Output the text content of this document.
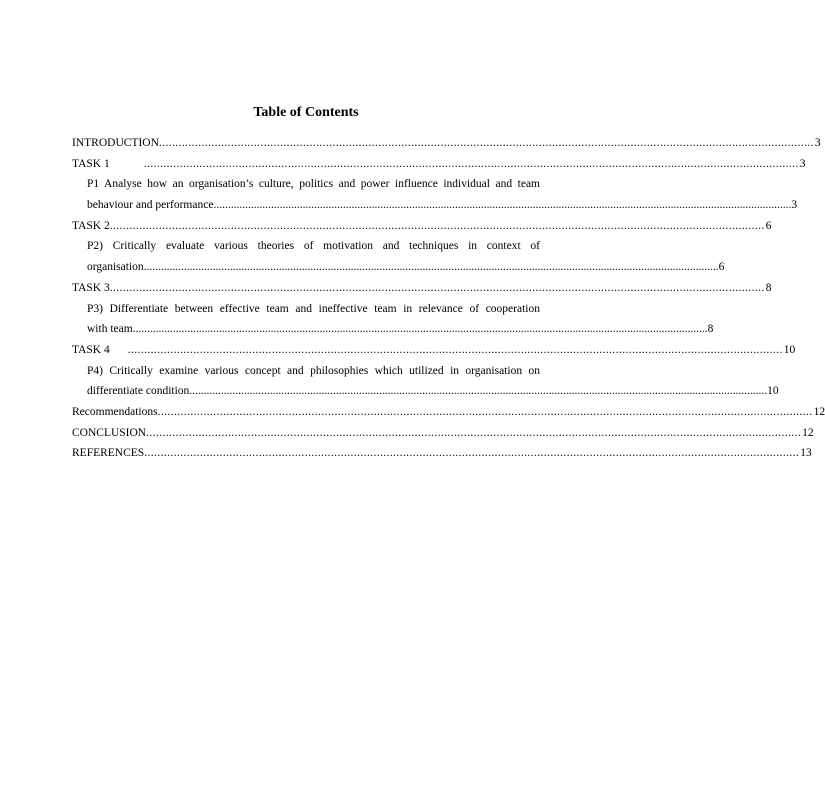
Table of Contents
INTRODUCTION ........................................................................................................................................................................................................ 3
TASK 1	........................................................................................................................................................................................................ 3
P1 Analyse how an organisation’s culture, politics and power influence individual and team
behaviour and performance. ........................................................................................................................................................................................................ 3
TASK 2 ........................................................................................................................................................................................................ 6
P2) Critically evaluate various theories of motivation and techniques in context of
organisation ........................................................................................................................................................................................................ 6
TASK 3 ........................................................................................................................................................................................................ 8
P3) Differentiate between effective team and ineffective team in relevance of cooperation
with team ........................................................................................................................................................................................................ 8
TASK 4 ........................................................................................................................................................................................................ 10
P4) Critically examine various concept and philosophies which utilized in organisation on
differentiate condition. ........................................................................................................................................................................................................ 10
Recommendations ........................................................................................................................................................................................................ 12
CONCLUSION ........................................................................................................................................................................................................ 12
REFERENCES ........................................................................................................................................................................................................ 13
